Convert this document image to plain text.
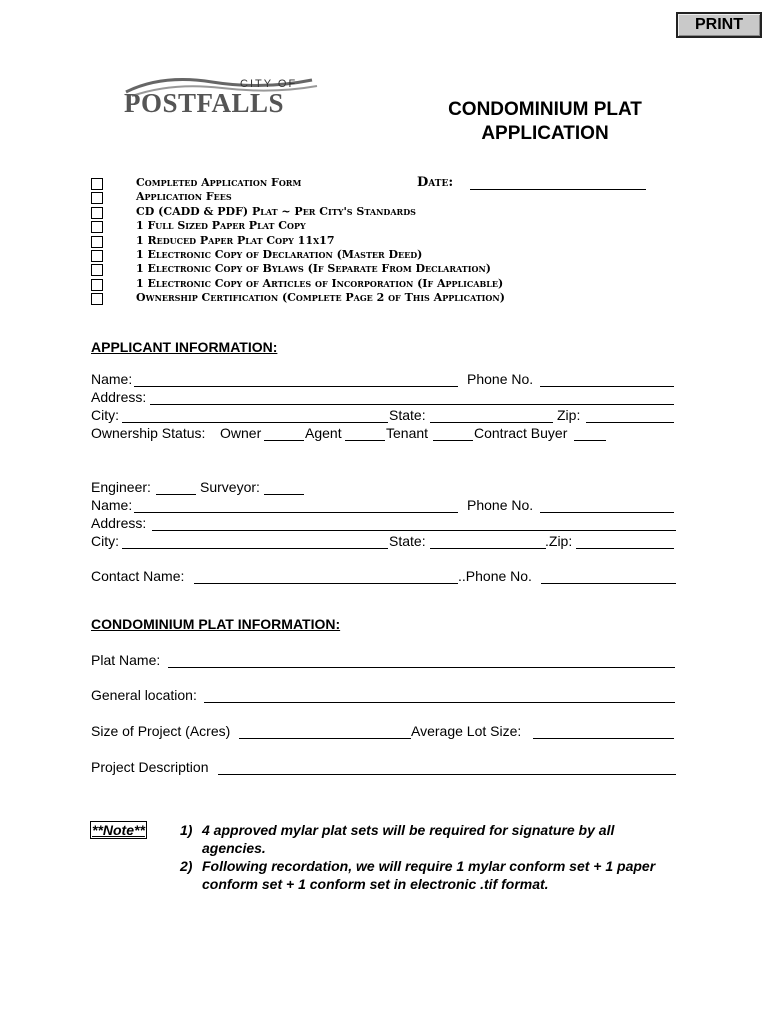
PRINT
CITY OF
POSTFALLS	CONDOMINIUM PLAT
APPLICATION
Date:
Completed Application Form
Application Fees
CD (CADD & PDF) Plat ~ Per City's Standards
1 Full Sized Paper Plat Copy
1 Reduced Paper Plat Copy 11x17
1 Electronic Copy of Declaration (Master Deed)
1 Electronic Copy of Bylaws (If Separate From Declaration)
1 Electronic Copy of Articles of Incorporation (If Applicable)
Ownership Certification (Complete Page 2 of This Application)
APPLICANT INFORMATION:
Name:	Phone No.
Address:
City:	State:	Zip:
Ownership Status: Owner	Agent	Tenant	Contract Buyer
Engineer:	Surveyor:
Name:	Phone No.
Address:
City:	State:	.Zip:
Contact Name:	..Phone No.
CONDOMINIUM PLAT INFORMATION:
Plat Name:
General location:
Size of Project (Acres)	Average Lot Size:
Project Description
**Note**	1) 4 approved mylar plat sets will be required for signature by all agencies.
2) Following recordation, we will require 1 mylar conform set + 1 paper conform set + 1 conform set in electronic .tif format.
